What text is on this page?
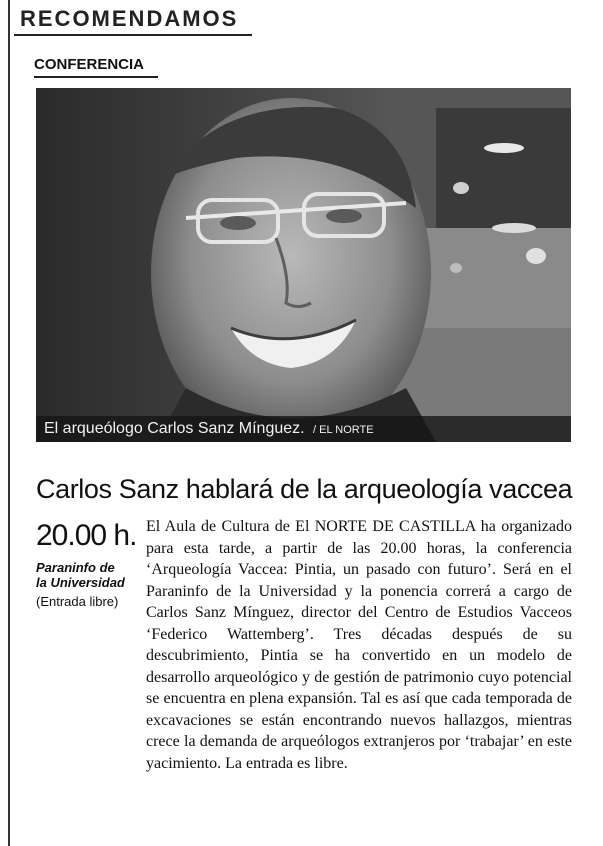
RECOMENDAMOS
CONFERENCIA
El arqueólogo Carlos Sanz Mínguez. / EL NORTE
Carlos Sanz hablará de la arqueología vaccea
20.00 h.
Paraninfo de
la Universidad
(Entrada libre)
El Aula de Cultura de El NORTE DE CASTILLA ha organizado para esta tarde, a partir de las 20.00 horas, la conferencia ‘Arqueología Vaccea: Pintia, un pasado con futuro’. Será en el Paraninfo de la Universidad y la ponencia correrá a cargo de Carlos Sanz Mínguez, director del Centro de Estudios Vacceos ‘Federico Wattemberg’. Tres décadas después de su descubrimiento, Pintia se ha convertido en un modelo de desarrollo arqueológico y de gestión de patrimonio cuyo potencial se encuentra en plena expansión. Tal es así que cada temporada de excavaciones se están encontrando nuevos hallazgos, mientras crece la demanda de arqueólogos extranjeros por ‘trabajar’ en este yacimiento. La entrada es libre.
